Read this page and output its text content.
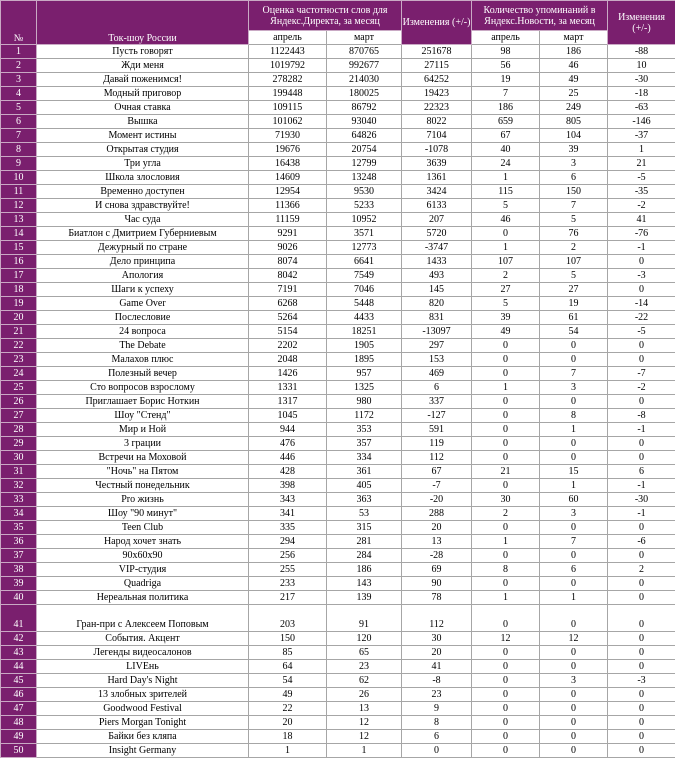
№	Ток-шоу России	Оценка частотности слов для Яндекс.Директа, за месяц		Изменения (+/-)	Количество упоминаний в Яндекс.Новости, за месяц		Изменения (+/-)
		апрель	март		апрель	март	
1	Пусть говорят	1122443	870765	251678	98	186	-88
2	Жди меня	1019792	992677	27115	56	46	10
3	Давай поженимся!	278282	214030	64252	19	49	-30
4	Модный приговор	199448	180025	19423	7	25	-18
5	Очная ставка	109115	86792	22323	186	249	-63
6	Вышка	101062	93040	8022	659	805	-146
7	Момент истины	71930	64826	7104	67	104	-37
8	Открытая студия	19676	20754	-1078	40	39	1
9	Три угла	16438	12799	3639	24	3	21
10	Школа злословия	14609	13248	1361	1	6	-5
11	Временно доступен	12954	9530	3424	115	150	-35
12	И снова здравствуйте!	11366	5233	6133	5	7	-2
13	Час суда	11159	10952	207	46	5	41
14	Биатлон с Дмитрием Губерниевым	9291	3571	5720	0	76	-76
15	Дежурный по стране	9026	12773	-3747	1	2	-1
16	Дело принципа	8074	6641	1433	107	107	0
17	Апология	8042	7549	493	2	5	-3
18	Шаги к успеху	7191	7046	145	27	27	0
19	Game Over	6268	5448	820	5	19	-14
20	Послесловие	5264	4433	831	39	61	-22
21	24 вопроса	5154	18251	-13097	49	54	-5
22	The Debate	2202	1905	297	0	0	0
23	Малахов плюс	2048	1895	153	0	0	0
24	Полезный вечер	1426	957	469	0	7	-7
25	Сто вопросов взрослому	1331	1325	6	1	3	-2
26	Приглашает Борис Ноткин	1317	980	337	0	0	0
27	Шоу "Стенд"	1045	1172	-127	0	8	-8
28	Мир и Ной	944	353	591	0	1	-1
29	3 грации	476	357	119	0	0	0
30	Встречи на Моховой	446	334	112	0	0	0
31	"Ночь" на Пятом	428	361	67	21	15	6
32	Честный понедельник	398	405	-7	0	1	-1
33	Pro жизнь	343	363	-20	30	60	-30
34	Шоу "90 минут"	341	53	288	2	3	-1
35	Teen Club	335	315	20	0	0	0
36	Народ хочет знать	294	281	13	1	7	-6
37	90x60x90	256	284	-28	0	0	0
38	VIP-студия	255	186	69	8	6	2
39	Quadriga	233	143	90	0	0	0
40	Нереальная политика	217	139	78	1	1	0
41	Гран-при с Алексеем Поповым	203	91	112	0	0	0
42	События. Акцент	150	120	30	12	12	0
43	Легенды видеосалонов	85	65	20	0	0	0
44	LIVEнь	64	23	41	0	0	0
45	Hard Day's Night	54	62	-8	0	3	-3
46	13 злобных зрителей	49	26	23	0	0	0
47	Goodwood Festival	22	13	9	0	0	0
48	Piers Morgan Tonight	20	12	8	0	0	0
49	Байки без кляпа	18	12	6	0	0	0
50	Insight Germany	1	1	0	0	0	0
